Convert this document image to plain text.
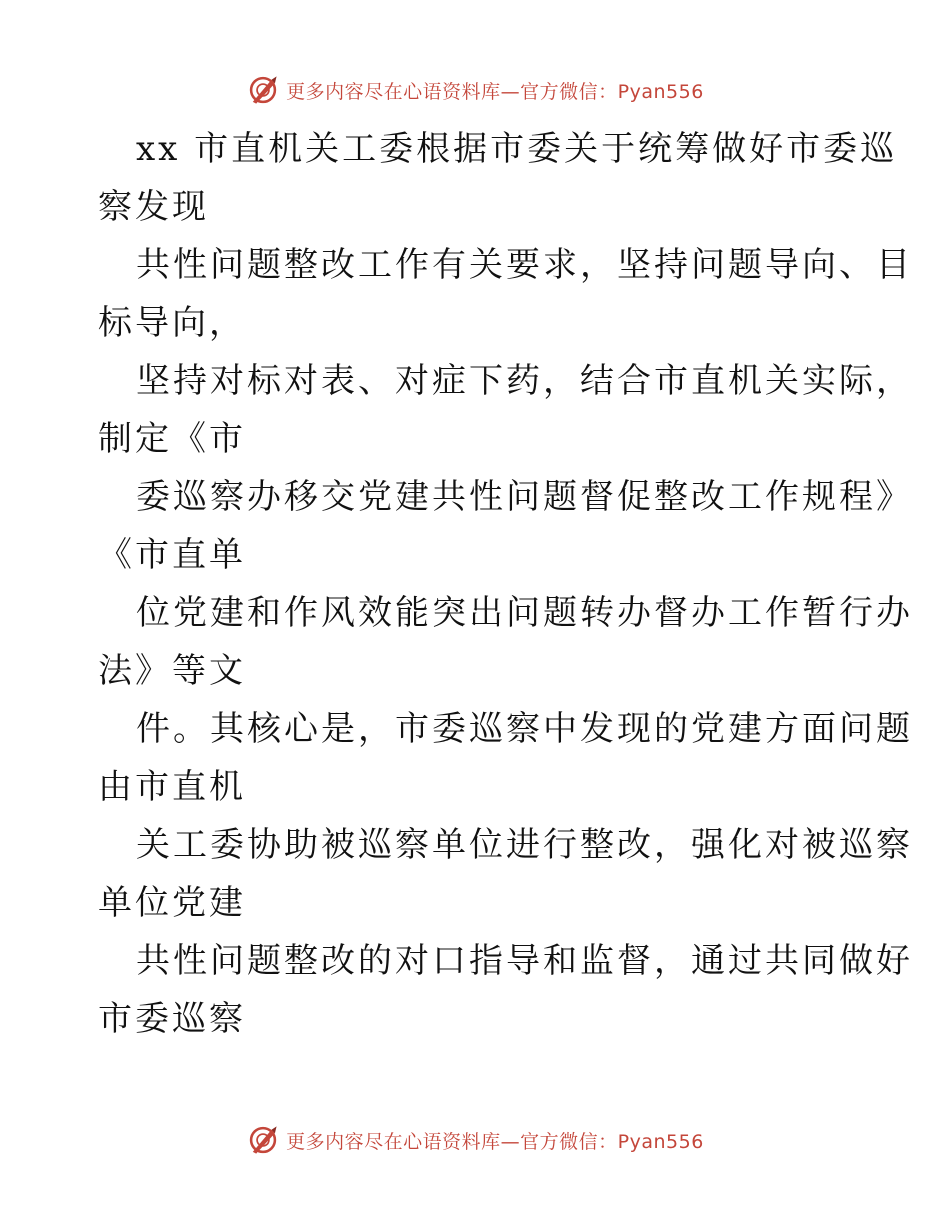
更多内容尽在心语资料库—官方微信：Pyan556
xx 市直机关工委根据市委关于统筹做好市委巡
察发现
共性问题整改工作有关要求，坚持问题导向、目
标导向，
坚持对标对表、对症下药，结合市直机关实际，
制定《市
委巡察办移交党建共性问题督促整改工作规程》
《市直单
位党建和作风效能突出问题转办督办工作暂行办
法》等文
件。其核心是，市委巡察中发现的党建方面问题
由市直机
关工委协助被巡察单位进行整改，强化对被巡察
单位党建
共性问题整改的对口指导和监督，通过共同做好
市委巡察
更多内容尽在心语资料库—官方微信：Pyan556
